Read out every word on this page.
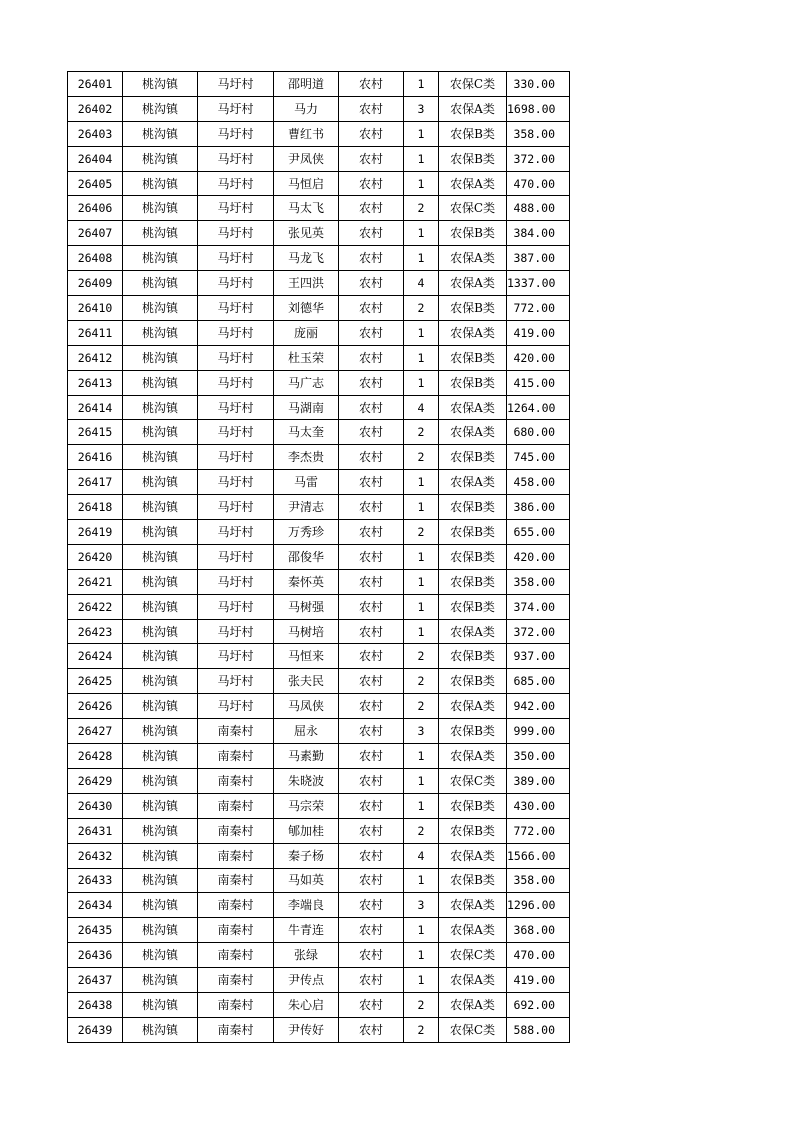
26401	桃沟镇	马圩村	邵明道	农村	1	农保C类	330.00
26402	桃沟镇	马圩村	马力	农村	3	农保A类	1698.00
26403	桃沟镇	马圩村	曹红书	农村	1	农保B类	358.00
26404	桃沟镇	马圩村	尹凤侠	农村	1	农保B类	372.00
26405	桃沟镇	马圩村	马恒启	农村	1	农保A类	470.00
26406	桃沟镇	马圩村	马太飞	农村	2	农保C类	488.00
26407	桃沟镇	马圩村	张见英	农村	1	农保B类	384.00
26408	桃沟镇	马圩村	马龙飞	农村	1	农保A类	387.00
26409	桃沟镇	马圩村	王四洪	农村	4	农保A类	1337.00
26410	桃沟镇	马圩村	刘德华	农村	2	农保B类	772.00
26411	桃沟镇	马圩村	庞丽	农村	1	农保A类	419.00
26412	桃沟镇	马圩村	杜玉荣	农村	1	农保B类	420.00
26413	桃沟镇	马圩村	马广志	农村	1	农保B类	415.00
26414	桃沟镇	马圩村	马湖南	农村	4	农保A类	1264.00
26415	桃沟镇	马圩村	马太奎	农村	2	农保A类	680.00
26416	桃沟镇	马圩村	李杰贵	农村	2	农保B类	745.00
26417	桃沟镇	马圩村	马雷	农村	1	农保A类	458.00
26418	桃沟镇	马圩村	尹清志	农村	1	农保B类	386.00
26419	桃沟镇	马圩村	万秀珍	农村	2	农保B类	655.00
26420	桃沟镇	马圩村	邵俊华	农村	1	农保B类	420.00
26421	桃沟镇	马圩村	秦怀英	农村	1	农保B类	358.00
26422	桃沟镇	马圩村	马树强	农村	1	农保B类	374.00
26423	桃沟镇	马圩村	马树培	农村	1	农保A类	372.00
26424	桃沟镇	马圩村	马恒来	农村	2	农保B类	937.00
26425	桃沟镇	马圩村	张夫民	农村	2	农保B类	685.00
26426	桃沟镇	马圩村	马凤侠	农村	2	农保A类	942.00
26427	桃沟镇	南秦村	屈永	农村	3	农保B类	999.00
26428	桃沟镇	南秦村	马素勤	农村	1	农保A类	350.00
26429	桃沟镇	南秦村	朱晓波	农村	1	农保C类	389.00
26430	桃沟镇	南秦村	马宗荣	农村	1	农保B类	430.00
26431	桃沟镇	南秦村	郇加桂	农村	2	农保B类	772.00
26432	桃沟镇	南秦村	秦子杨	农村	4	农保A类	1566.00
26433	桃沟镇	南秦村	马如英	农村	1	农保B类	358.00
26434	桃沟镇	南秦村	李端良	农村	3	农保A类	1296.00
26435	桃沟镇	南秦村	牛青连	农村	1	农保A类	368.00
26436	桃沟镇	南秦村	张绿	农村	1	农保C类	470.00
26437	桃沟镇	南秦村	尹传点	农村	1	农保A类	419.00
26438	桃沟镇	南秦村	朱心启	农村	2	农保A类	692.00
26439	桃沟镇	南秦村	尹传好	农村	2	农保C类	588.00
